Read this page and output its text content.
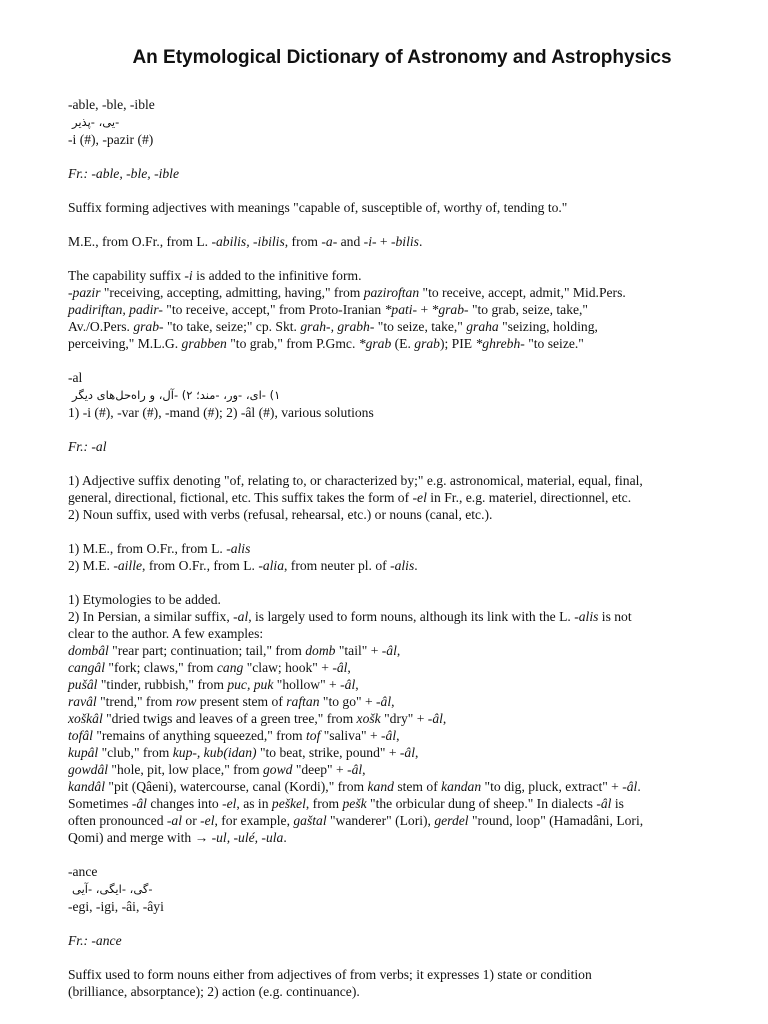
An Etymological Dictionary of Astronomy and Astrophysics

-able, -ble, -ible

-یی، -پذیر

-i (#), -pazir (#)

Fr.: -able, -ble, -ible

Suffix forming adjectives with meanings "capable of, susceptible of, worthy of, tending to."

M.E., from O.Fr., from L. -abilis, -ibilis, from -a- and -i- + -bilis.

The capability suffix -i is added to the infinitive form.

-pazir "receiving, accepting, admitting, having," from paziroftan "to receive, accept, admit," Mid.Pers.

padiriftan, padir- "to receive, accept," from Proto-Iranian *pati- + *grab- "to grab, seize, take,"

Av./O.Pers. grab- "to take, seize;" cp. Skt. grah-, grabh- "to seize, take," graha "seizing, holding,

perceiving," M.L.G. grabben "to grab," from P.Gmc. *grab (E. grab); PIE *ghrebh- "to seize."

-al

۱) -ای، -ور، -مند؛ ۲) -آل، و راه‌حل‌های دیگر

1) -i (#), -var (#), -mand (#); 2) -âl (#), various solutions

Fr.: -al

1) Adjective suffix denoting "of, relating to, or characterized by;" e.g. astronomical, material, equal, final,

general, directional, fictional, etc. This suffix takes the form of -el in Fr., e.g. materiel, directionnel, etc.

2) Noun suffix, used with verbs (refusal, rehearsal, etc.) or nouns (canal, etc.).

1) M.E., from O.Fr., from L. -alis

2) M.E. -aille, from O.Fr., from L. -alia, from neuter pl. of -alis.

1) Etymologies to be added.

2) In Persian, a similar suffix, -al, is largely used to form nouns, although its link with the L. -alis is not

clear to the author. A few examples:

dombâl "rear part; continuation; tail," from domb "tail" + -âl,

cangâl "fork; claws," from cang "claw; hook" + -âl,

pušâl "tinder, rubbish," from puc, puk "hollow" + -âl,

ravâl "trend," from row present stem of raftan "to go" + -âl,

xoškâl "dried twigs and leaves of a green tree," from xošk "dry" + -âl,

tofâl "remains of anything squeezed," from tof "saliva" + -âl,

kupâl "club," from kup-, kub(idan) "to beat, strike, pound" + -âl,

gowdâl "hole, pit, low place," from gowd "deep" + -âl,

kandâl "pit (Qâeni), watercourse, canal (Kordi)," from kand stem of kandan "to dig, pluck, extract" + -âl.

Sometimes -âl changes into -el, as in peškel, from pešk "the orbicular dung of sheep." In dialects -âl is

often pronounced -al or -el, for example, gaštal "wanderer" (Lori), gerdel "round, loop" (Hamadâni, Lori,

Qomi) and merge with → -ul, -ulé, -ula.

-ance

-گی، -ایگی، -آیی

-egi, -igi, -âi, -âyi

Fr.: -ance

Suffix used to form nouns either from adjectives of from verbs; it expresses 1) state or condition

(brilliance, absorptance); 2) action (e.g. continuance).
